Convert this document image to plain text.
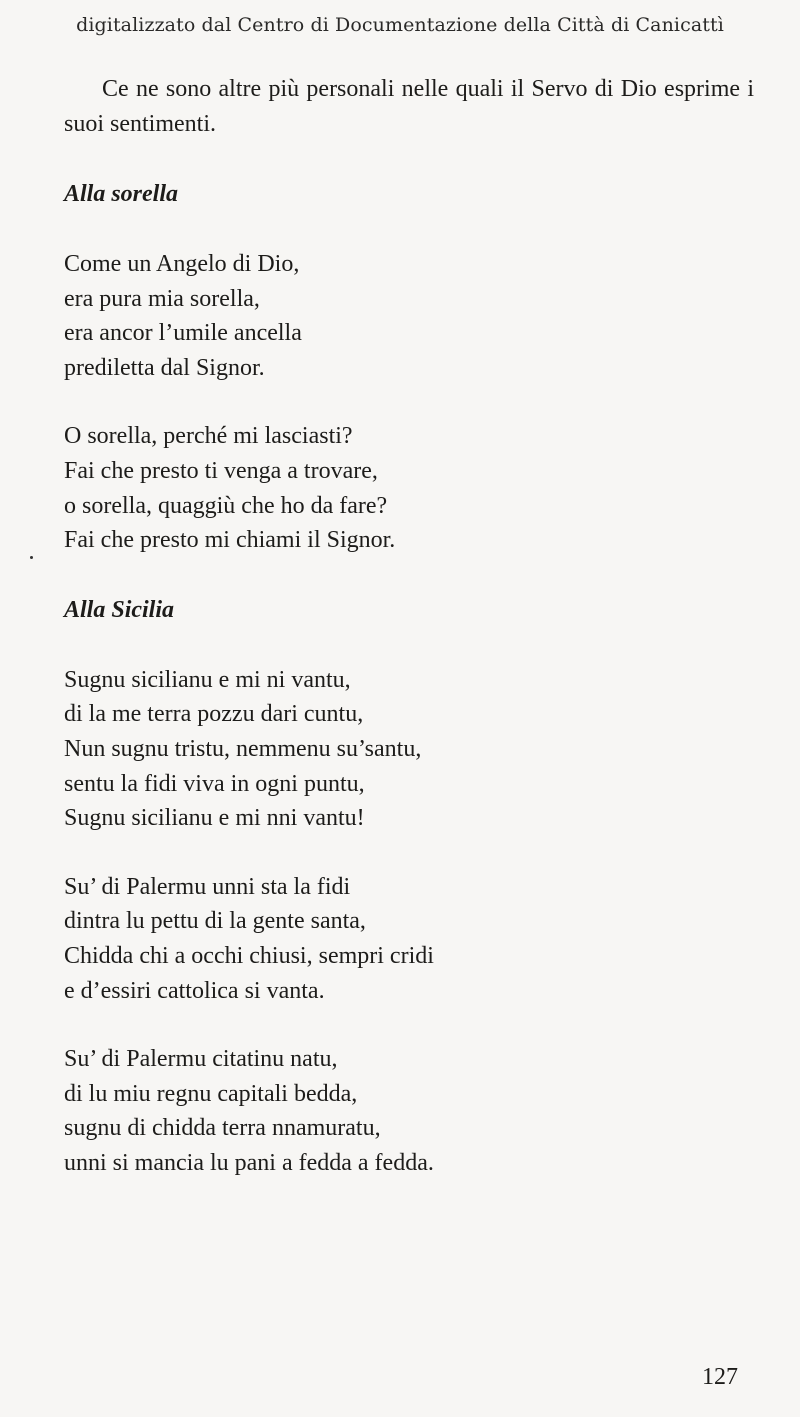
digitalizzato dal Centro di Documentazione della Città di Canicattì

Ce ne sono altre più personali nelle quali il Servo di Dio esprime i suoi sentimenti.

Alla sorella
Come un Angelo di Dio,
era pura mia sorella,
era ancor l’umile ancella
prediletta dal Signor.
O sorella, perché mi lasciasti?
Fai che presto ti venga a trovare,
o sorella, quaggiù che ho da fare?
Fai che presto mi chiami il Signor.
Alla Sicilia
Sugnu sicilianu e mi ni vantu,
di la me terra pozzu dari cuntu,
Nun sugnu tristu, nemmenu su’santu,
sentu la fidi viva in ogni puntu,
Sugnu sicilianu e mi nni vantu!
Su’ di Palermu unni sta la fidi
dintra lu pettu di la gente santa,
Chidda chi a occhi chiusi, sempri cridi
e d’essiri cattolica si vanta.
Su’ di Palermu citatinu natu,
di lu miu regnu capitali bedda,
sugnu di chidda terra nnamuratu,
unni si mancia lu pani a fedda a fedda.
127
